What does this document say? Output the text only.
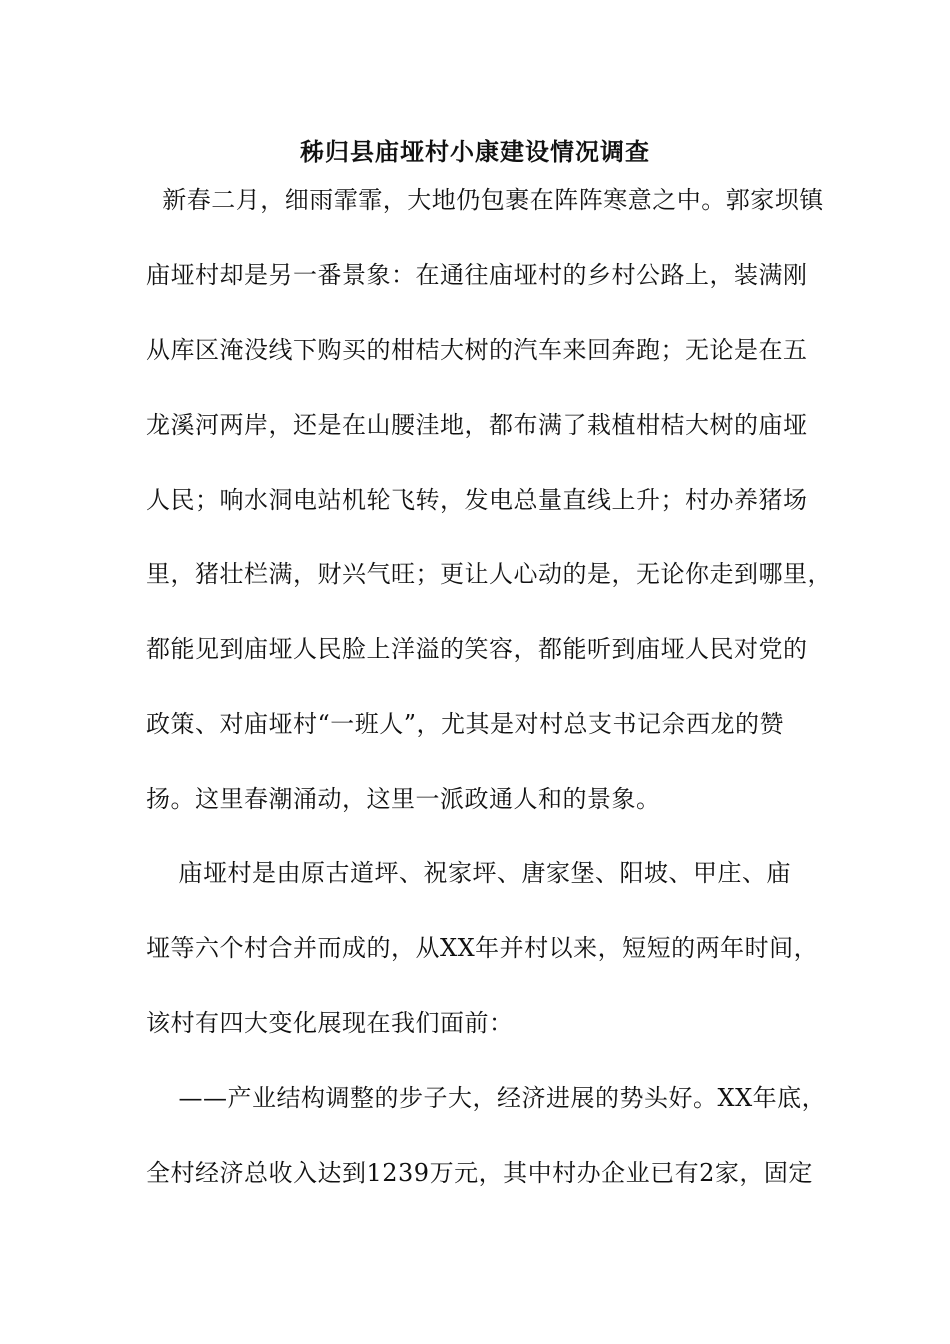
秭归县庙垭村小康建设情况调查
新春二月，细雨霏霏，大地仍包裹在阵阵寒意之中。郭家坝镇
庙垭村却是另一番景象：在通往庙垭村的乡村公路上，装满刚
从库区淹没线下购买的柑桔大树的汽车来回奔跑；无论是在五
龙溪河两岸，还是在山腰洼地，都布满了栽植柑桔大树的庙垭
人民；响水洞电站机轮飞转，发电总量直线上升；村办养猪场
里，猪壮栏满，财兴气旺；更让人心动的是，无论你走到哪里，
都能见到庙垭人民脸上洋溢的笑容，都能听到庙垭人民对党的
政策、对庙垭村“一班人”，尤其是对村总支书记佘西龙的赞
扬。这里春潮涌动，这里一派政通人和的景象。
庙垭村是由原古道坪、祝家坪、唐家堡、阳坡、甲庄、庙
垭等六个村合并而成的，从XX年并村以来，短短的两年时间，
该村有四大变化展现在我们面前：
——产业结构调整的步子大，经济进展的势头好。XX年底，
全村经济总收入达到1239万元，其中村办企业已有2家，固定
